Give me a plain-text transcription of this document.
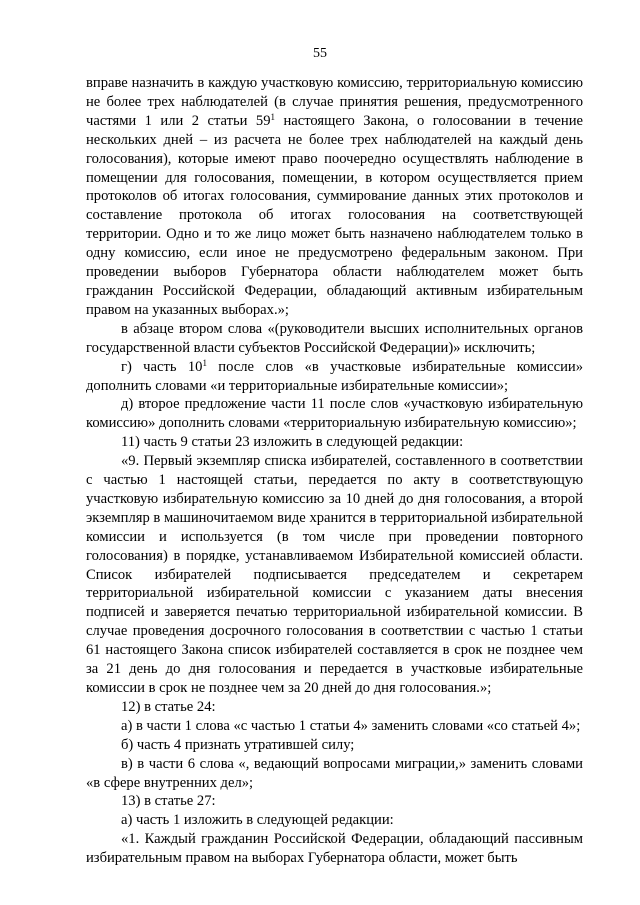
55

вправе назначить в каждую участковую комиссию, территориальную комиссию не более трех наблюдателей (в случае принятия решения, предусмотренного частями 1 или 2 статьи $59^1$ настоящего Закона, о голосовании в течение нескольких дней – из расчета не более трех наблюдателей на каждый день голосования), которые имеют право поочередно осуществлять наблюдение в помещении для голосования, помещении, в котором осуществляется прием протоколов об итогах голосования, суммирование данных этих протоколов и составление протокола об итогах голосования на соответствующей территории. Одно и то же лицо может быть назначено наблюдателем только в одну комиссию, если иное не предусмотрено федеральным законом. При проведении выборов Губернатора области наблюдателем может быть гражданин Российской Федерации, обладающий активным избирательным правом на указанных выборах.»;

в абзаце втором слова «(руководители высших исполнительных органов государственной власти субъектов Российской Федерации)» исключить;

г) часть $10^1$ после слов «в участковые избирательные комиссии» дополнить словами «и территориальные избирательные комиссии»;

д) второе предложение части 11 после слов «участковую избирательную комиссию» дополнить словами «территориальную избирательную комиссию»;

11) часть 9 статьи 23 изложить в следующей редакции:

«9. Первый экземпляр списка избирателей, составленного в соответствии с частью 1 настоящей статьи, передается по акту в соответствующую участковую избирательную комиссию за 10 дней до дня голосования, а второй экземпляр в машиночитаемом виде хранится в территориальной избирательной комиссии и используется (в том числе при проведении повторного голосования) в порядке, устанавливаемом Избирательной комиссией области. Список избирателей подписывается председателем и секретарем территориальной избирательной комиссии с указанием даты внесения подписей и заверяется печатью территориальной избирательной комиссии. В случае проведения досрочного голосования в соответствии с частью 1 статьи 61 настоящего Закона список избирателей составляется в срок не позднее чем за 21 день до дня голосования и передается в участковые избирательные комиссии в срок не позднее чем за 20 дней до дня голосования.»;

12) в статье 24:

а) в части 1 слова «с частью 1 статьи 4» заменить словами «со статьей 4»;

б) часть 4 признать утратившей силу;

в) в части 6 слова «, ведающий вопросами миграции,» заменить словами «в сфере внутренних дел»;

13) в статье 27:

а) часть 1 изложить в следующей редакции:

«1. Каждый гражданин Российской Федерации, обладающий пассивным избирательным правом на выборах Губернатора области, может быть
